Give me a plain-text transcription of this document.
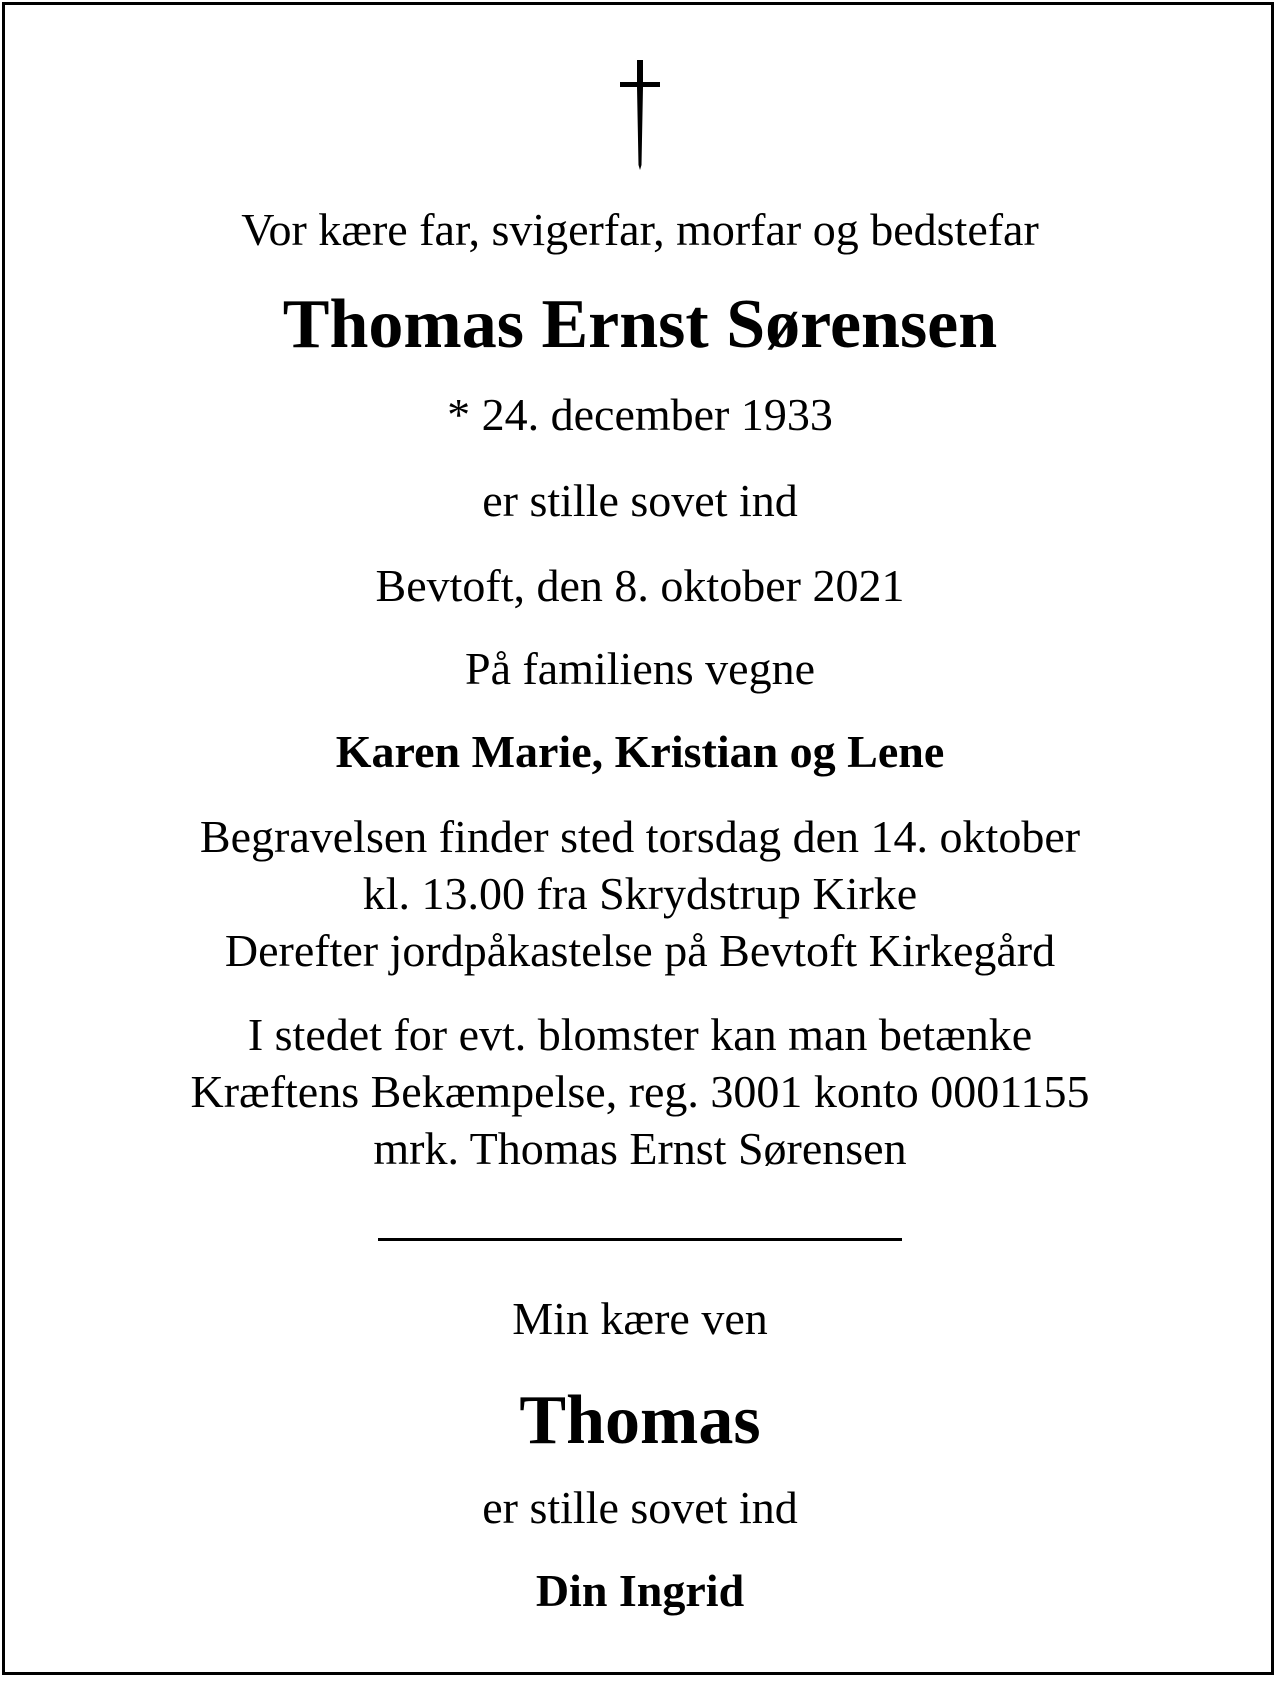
Vor kære far, svigerfar, morfar og bedstefar
Thomas Ernst Sørensen
* 24. december 1933
er stille sovet ind
Bevtoft, den 8. oktober 2021
På familiens vegne
Karen Marie, Kristian og Lene
Begravelsen finder sted torsdag den 14. oktober
kl. 13.00 fra Skrydstrup Kirke
Derefter jordpåkastelse på Bevtoft Kirkegård
I stedet for evt. blomster kan man betænke
Kræftens Bekæmpelse, reg. 3001 konto 0001155
mrk. Thomas Ernst Sørensen
Min kære ven
Thomas
er stille sovet ind
Din Ingrid
